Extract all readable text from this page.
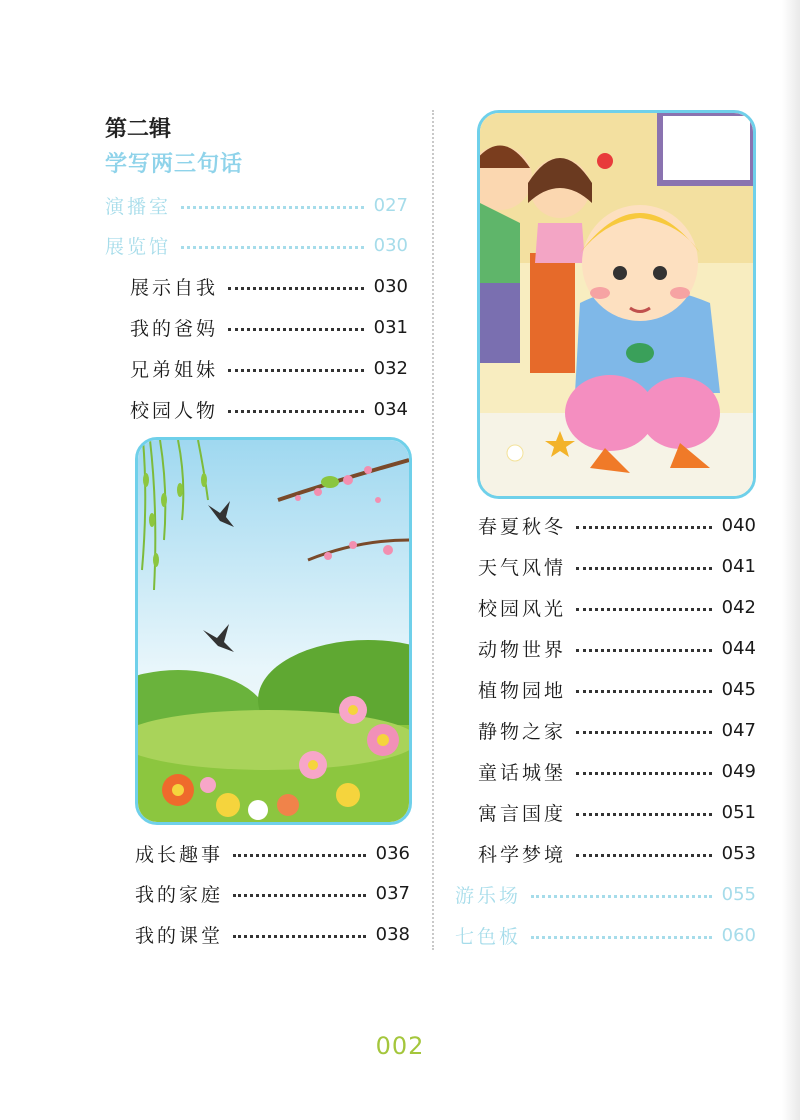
第二辑
学写两三句话
演播室	027
展览馆	030
展示自我	030
我的爸妈	031
兄弟姐妹	032
校园人物	034
成长趣事	036
我的家庭	037
我的课堂	038
春夏秋冬	040
天气风情	041
校园风光	042
动物世界	044
植物园地	045
静物之家	047
童话城堡	049
寓言国度	051
科学梦境	053
游乐场	055
七色板	060
002
